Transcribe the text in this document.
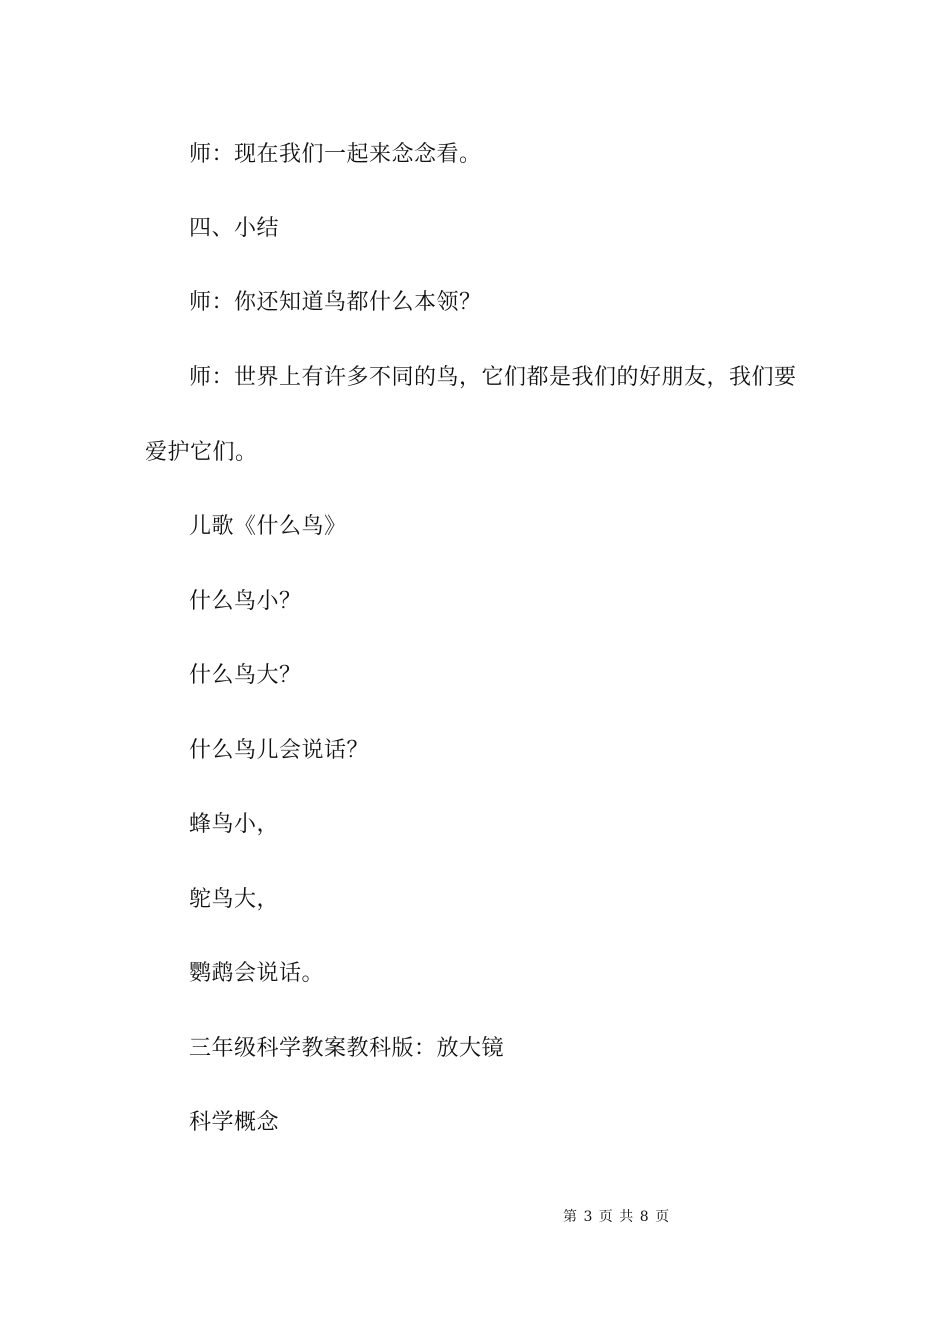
师：现在我们一起来念念看。
四、小结
师：你还知道鸟都什么本领？
师：世界上有许多不同的鸟，它们都是我们的好朋友，我们要
爱护它们。
儿歌《什么鸟》
什么鸟小？
什么鸟大？
什么鸟儿会说话？
蜂鸟小，
鸵鸟大，
鹦鹉会说话。
三年级科学教案教科版：放大镜
科学概念
第 3 页 共 8 页
